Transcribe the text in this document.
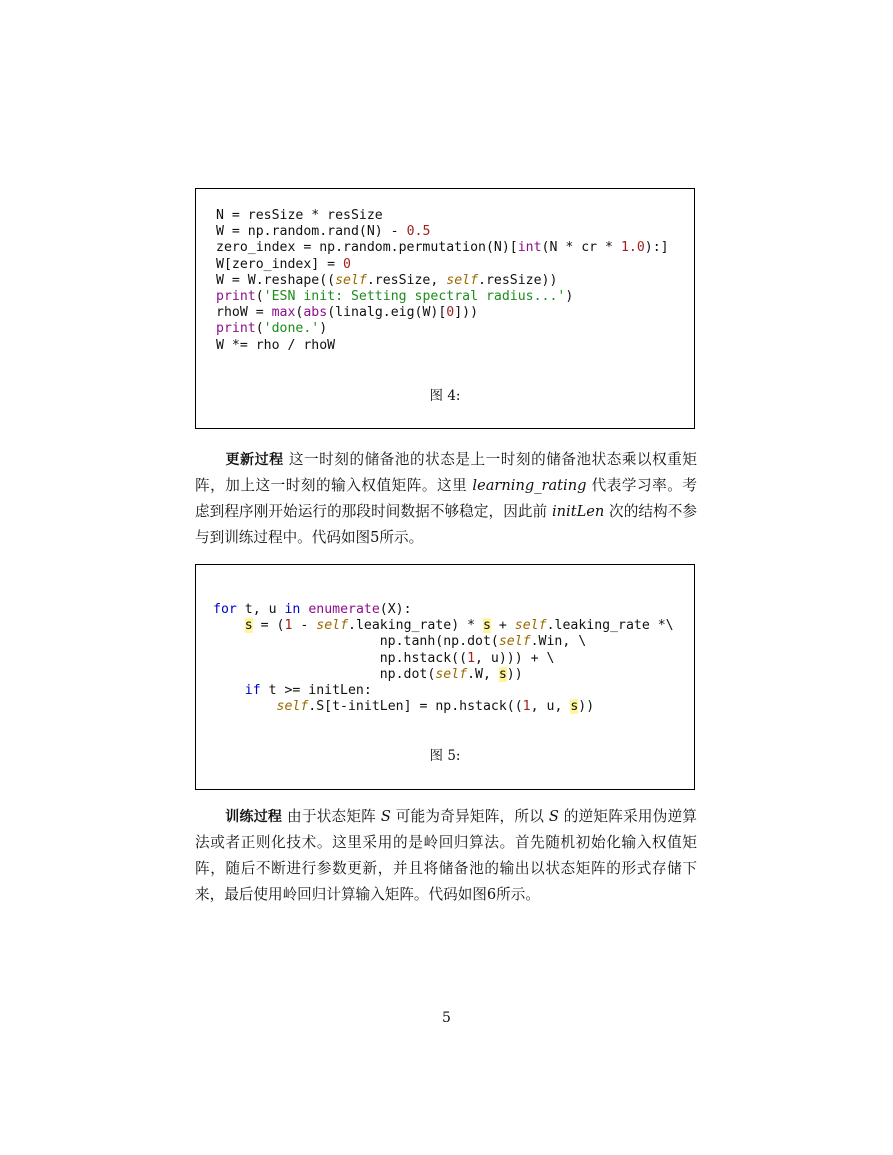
N = resSize * resSize
W = np.random.rand(N) - 0.5
zero_index = np.random.permutation(N)[int(N * cr * 1.0):]
W[zero_index] = 0
W = W.reshape((self.resSize, self.resSize))
print('ESN init: Setting spectral radius...')
rhoW = max(abs(linalg.eig(W)[0]))
print('done.')
W *= rho / rhoW
图 4:

更新过程 这一时刻的储备池的状态是上一时刻的储备池状态乘以权重矩阵，加上这一时刻的输入权值矩阵。这里 learning_rating 代表学习率。考虑到程序刚开始运行的那段时间数据不够稳定，因此前 initLen 次的结构不参与到训练过程中。代码如图5所示。

for t, u in enumerate(X):
s = (1 - self.leaking_rate) * s + self.leaking_rate *\
np.tanh(np.dot(self.Win, \
np.hstack((1, u))) + \
np.dot(self.W, s))
if t >= initLen:
self.S[t-initLen] = np.hstack((1, u, s))
图 5:

训练过程 由于状态矩阵 S 可能为奇异矩阵，所以 S 的逆矩阵采用伪逆算法或者正则化技术。这里采用的是岭回归算法。首先随机初始化输入权值矩阵，随后不断进行参数更新，并且将储备池的输出以状态矩阵的形式存储下来，最后使用岭回归计算输入矩阵。代码如图6所示。

5
